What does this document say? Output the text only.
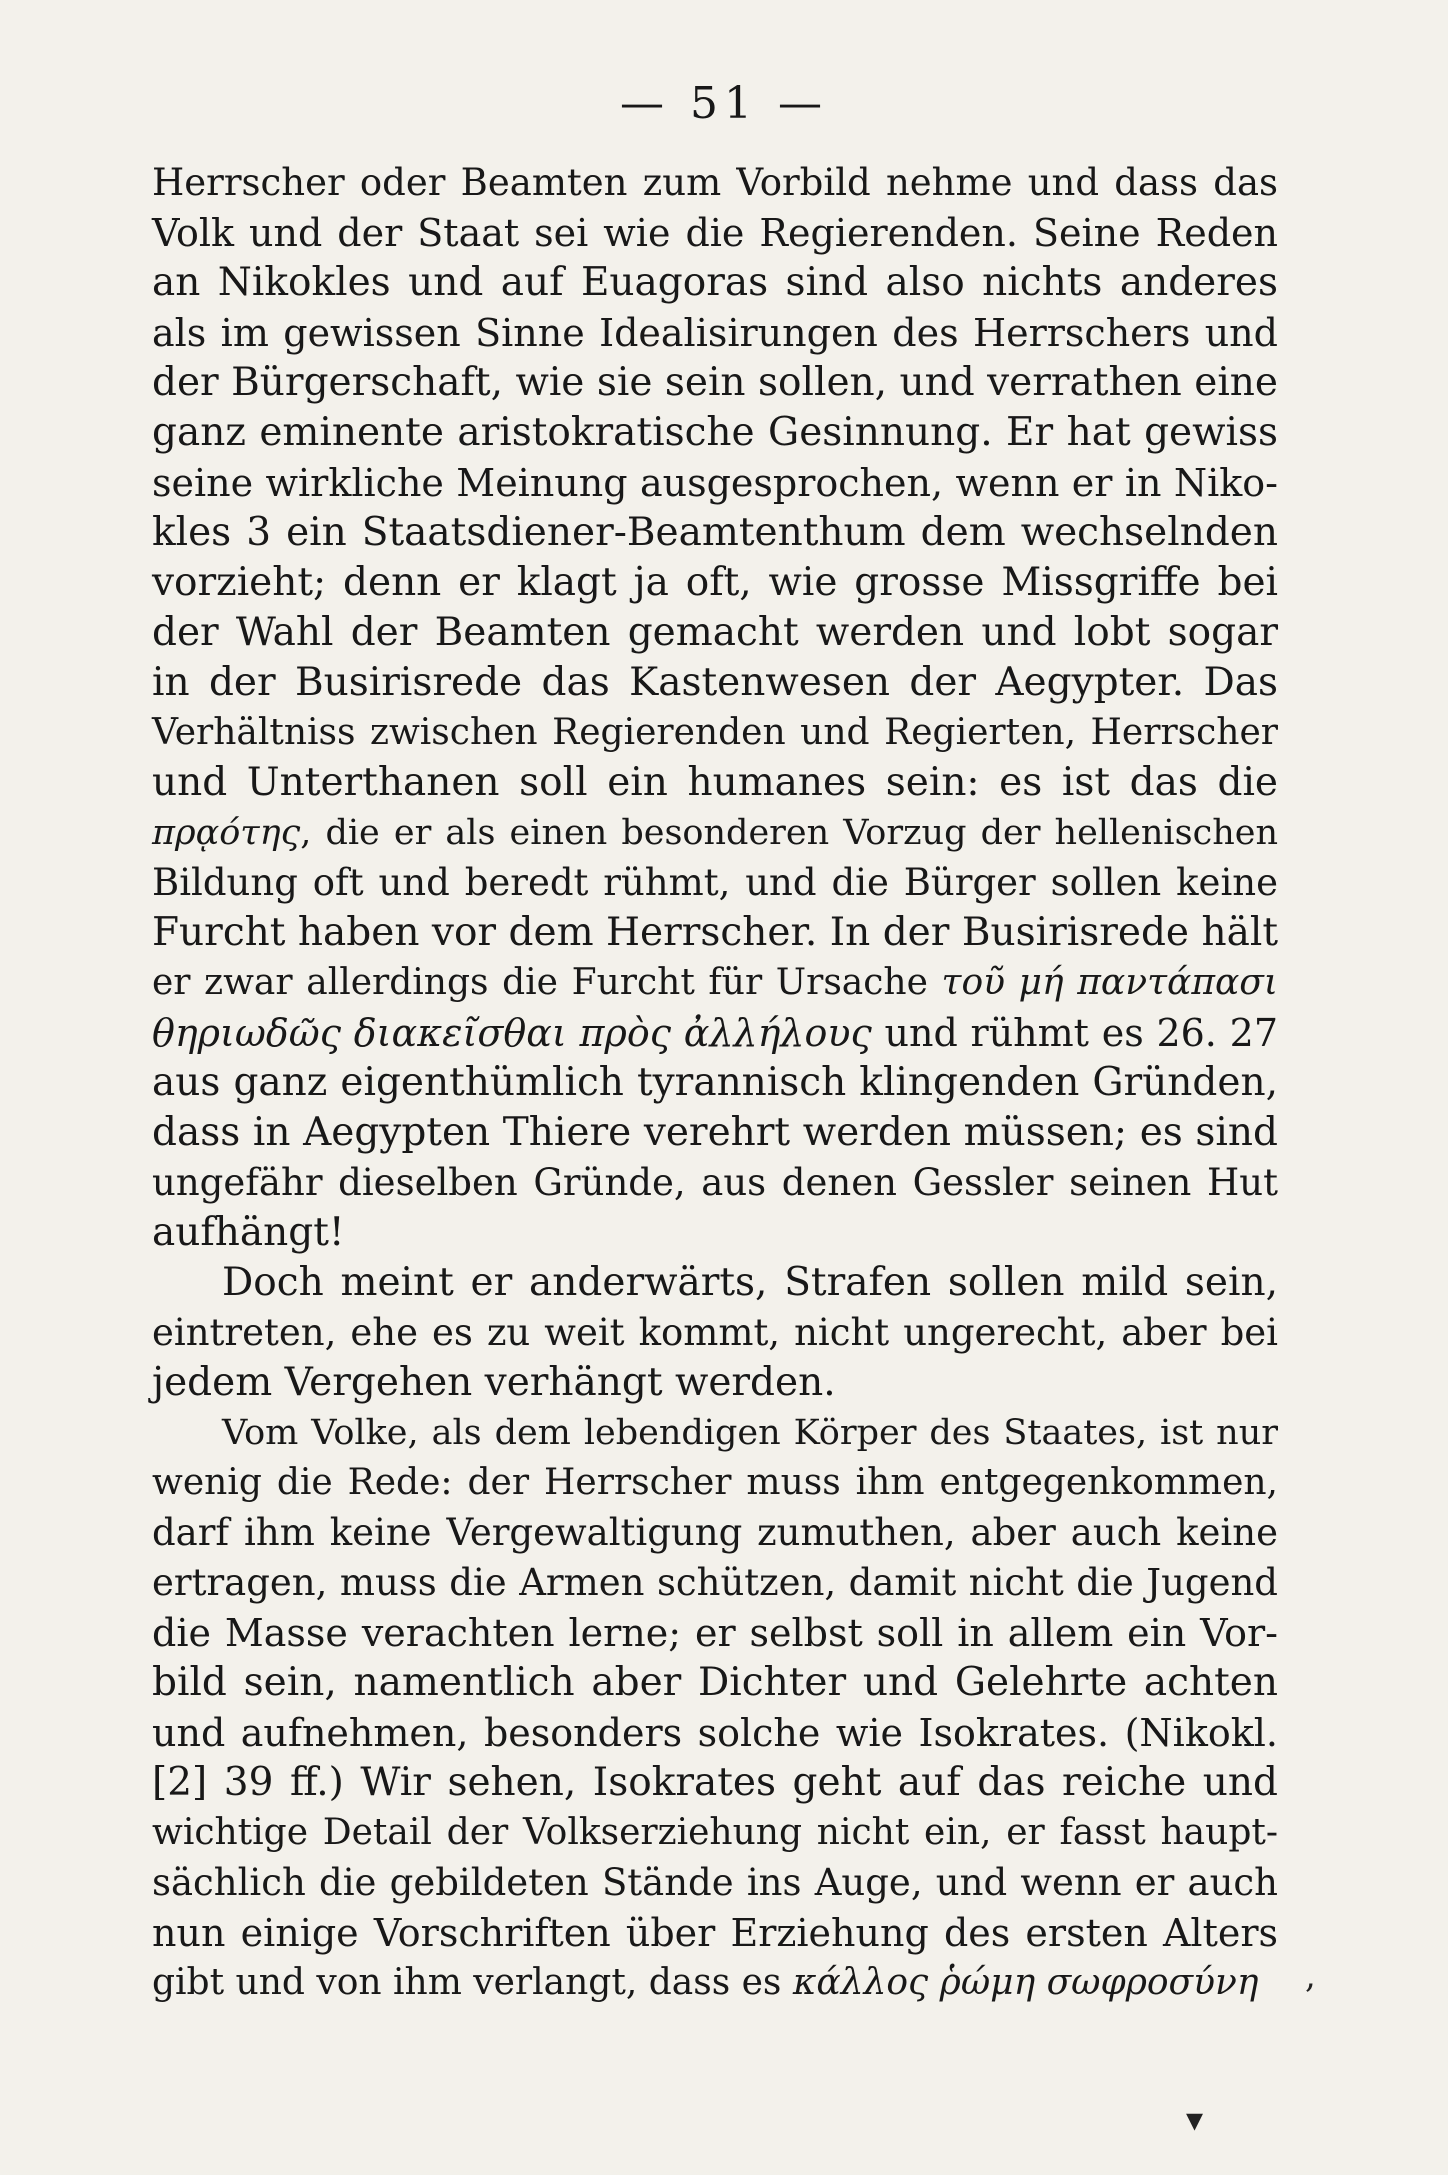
— 51 —
Herrscher oder Beamten zum Vorbild nehme und dass das
Volk und der Staat sei wie die Regierenden. Seine Reden
an Nikokles und auf Euagoras sind also nichts anderes
als im gewissen Sinne Idealisirungen des Herrschers und
der Bürgerschaft, wie sie sein sollen, und verrathen eine
ganz eminente aristokratische Gesinnung. Er hat gewiss
seine wirkliche Meinung ausgesprochen, wenn er in Niko-
kles 3 ein Staatsdiener-Beamtenthum dem wechselnden
vorzieht; denn er klagt ja oft, wie grosse Missgriffe bei
der Wahl der Beamten gemacht werden und lobt sogar
in der Busirisrede das Kastenwesen der Aegypter. Das
Verhältniss zwischen Regierenden und Regierten, Herrscher
und Unterthanen soll ein humanes sein: es ist das die
πρᾳότης, die er als einen besonderen Vorzug der hellenischen
Bildung oft und beredt rühmt, und die Bürger sollen keine
Furcht haben vor dem Herrscher. In der Busirisrede hält
er zwar allerdings die Furcht für Ursache τοῦ μή παντάπασι
θηριωδῶς διακεῖσθαι πρὸς ἀλλήλους und rühmt es 26. 27
aus ganz eigenthümlich tyrannisch klingenden Gründen,
dass in Aegypten Thiere verehrt werden müssen; es sind
ungefähr dieselben Gründe, aus denen Gessler seinen Hut
aufhängt!
Doch meint er anderwärts, Strafen sollen mild sein,
eintreten, ehe es zu weit kommt, nicht ungerecht, aber bei
jedem Vergehen verhängt werden.
Vom Volke, als dem lebendigen Körper des Staates, ist nur
wenig die Rede: der Herrscher muss ihm entgegenkommen,
darf ihm keine Vergewaltigung zumuthen, aber auch keine
ertragen, muss die Armen schützen, damit nicht die Jugend
die Masse verachten lerne; er selbst soll in allem ein Vor-
bild sein, namentlich aber Dichter und Gelehrte achten
und aufnehmen, besonders solche wie Isokrates. (Nikokl.
[2] 39 ff.) Wir sehen, Isokrates geht auf das reiche und
wichtige Detail der Volkserziehung nicht ein, er fasst haupt-
sächlich die gebildeten Stände ins Auge, und wenn er auch
nun einige Vorschriften über Erziehung des ersten Alters
gibt und von ihm verlangt, dass es κάλλος ῥώμη σωφροσύνη	,
▾
